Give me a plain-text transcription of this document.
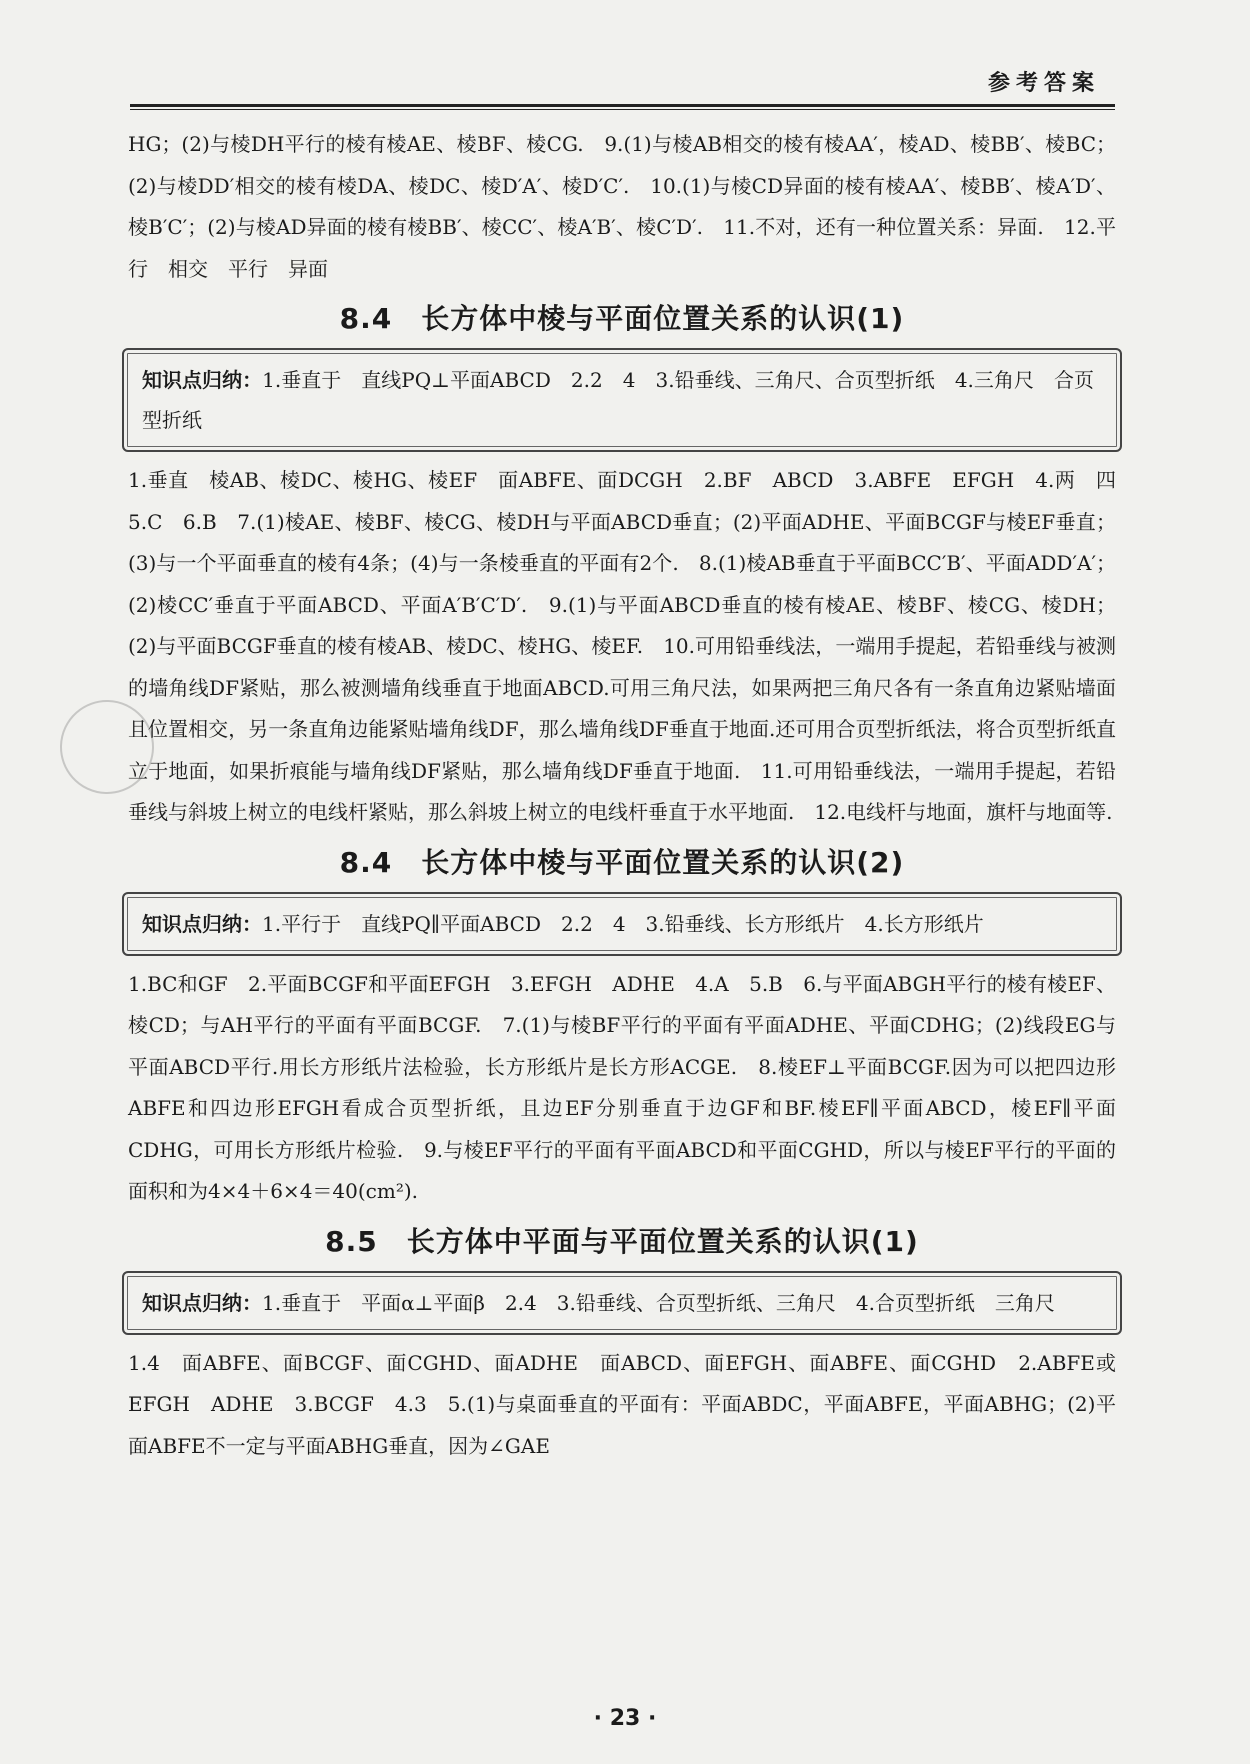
参考答案

HG；(2)与棱DH平行的棱有棱AE、棱BF、棱CG.　9.(1)与棱AB相交的棱有棱AA′，棱AD、棱BB′、棱BC；(2)与棱DD′相交的棱有棱DA、棱DC、棱D′A′、棱D′C′.　10.(1)与棱CD异面的棱有棱AA′、棱BB′、棱A′D′、棱B′C′；(2)与棱AD异面的棱有棱BB′、棱CC′、棱A′B′、棱C′D′.　11.不对，还有一种位置关系：异面.　12.平行　相交　平行　异面

8.4　长方体中棱与平面位置关系的认识(1)

知识点归纳：1.垂直于　直线PQ⊥平面ABCD　2.2　4　3.铅垂线、三角尺、合页型折纸　4.三角尺　合页型折纸

1.垂直　棱AB、棱DC、棱HG、棱EF　面ABFE、面DCGH　2.BF　ABCD　3.ABFE　EFGH　4.两　四　5.C　6.B　7.(1)棱AE、棱BF、棱CG、棱DH与平面ABCD垂直；(2)平面ADHE、平面BCGF与棱EF垂直；(3)与一个平面垂直的棱有4条；(4)与一条棱垂直的平面有2个.　8.(1)棱AB垂直于平面BCC′B′、平面ADD′A′；(2)棱CC′垂直于平面ABCD、平面A′B′C′D′.　9.(1)与平面ABCD垂直的棱有棱AE、棱BF、棱CG、棱DH；(2)与平面BCGF垂直的棱有棱AB、棱DC、棱HG、棱EF.　10.可用铅垂线法，一端用手提起，若铅垂线与被测的墙角线DF紧贴，那么被测墙角线垂直于地面ABCD.可用三角尺法，如果两把三角尺各有一条直角边紧贴墙面且位置相交，另一条直角边能紧贴墙角线DF，那么墙角线DF垂直于地面.还可用合页型折纸法，将合页型折纸直立于地面，如果折痕能与墙角线DF紧贴，那么墙角线DF垂直于地面.　11.可用铅垂线法，一端用手提起，若铅垂线与斜坡上树立的电线杆紧贴，那么斜坡上树立的电线杆垂直于水平地面.　12.电线杆与地面，旗杆与地面等.

8.4　长方体中棱与平面位置关系的认识(2)

知识点归纳：1.平行于　直线PQ∥平面ABCD　2.2　4　3.铅垂线、长方形纸片　4.长方形纸片

1.BC和GF　2.平面BCGF和平面EFGH　3.EFGH　ADHE　4.A　5.B　6.与平面ABGH平行的棱有棱EF、棱CD；与AH平行的平面有平面BCGF.　7.(1)与棱BF平行的平面有平面ADHE、平面CDHG；(2)线段EG与平面ABCD平行.用长方形纸片法检验，长方形纸片是长方形ACGE.　8.棱EF⊥平面BCGF.因为可以把四边形ABFE和四边形EFGH看成合页型折纸，且边EF分别垂直于边GF和BF.棱EF∥平面ABCD，棱EF∥平面CDHG，可用长方形纸片检验.　9.与棱EF平行的平面有平面ABCD和平面CGHD，所以与棱EF平行的平面的面积和为4×4＋6×4＝40(cm²).

8.5　长方体中平面与平面位置关系的认识(1)

知识点归纳：1.垂直于　平面α⊥平面β　2.4　3.铅垂线、合页型折纸、三角尺　4.合页型折纸　三角尺

1.4　面ABFE、面BCGF、面CGHD、面ADHE　面ABCD、面EFGH、面ABFE、面CGHD　2.ABFE或EFGH　ADHE　3.BCGF　4.3　5.(1)与桌面垂直的平面有：平面ABDC，平面ABFE，平面ABHG；(2)平面ABFE不一定与平面ABHG垂直，因为∠GAE

· 23 ·
